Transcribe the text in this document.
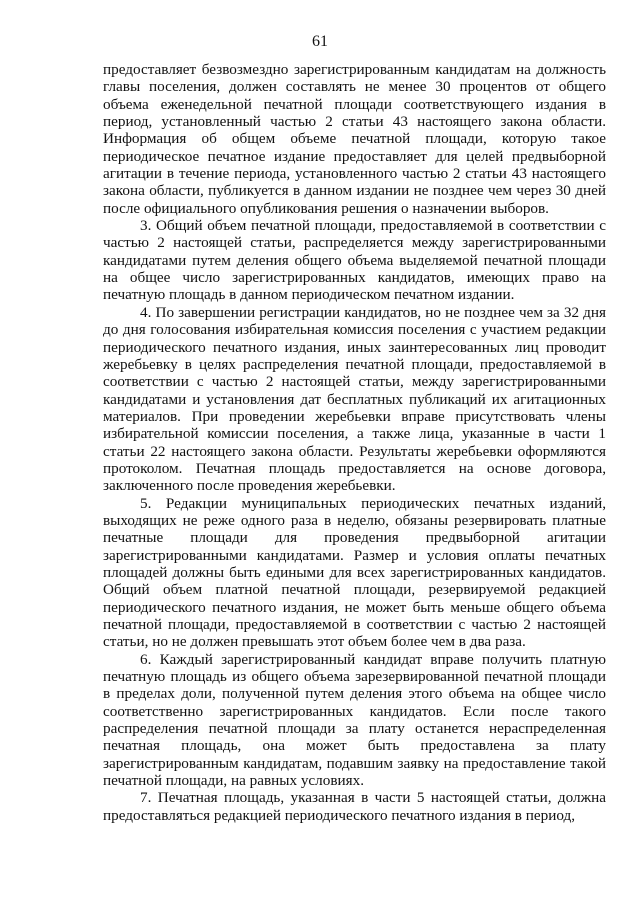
61

предоставляет безвозмездно зарегистрированным кандидатам на должность главы поселения, должен составлять не менее 30 процентов от общего объема еженедельной печатной площади соответствующего издания в период, установленный частью 2 статьи 43 настоящего закона области. Информация об общем объеме печатной площади, которую такое периодическое печатное издание предоставляет для целей предвыборной агитации в течение периода, установленного частью 2 статьи 43 настоящего закона области, публикуется в данном издании не позднее чем через 30 дней после официального опубликования решения о назначении выборов.

3. Общий объем печатной площади, предоставляемой в соответствии с частью 2 настоящей статьи, распределяется между зарегистрированными кандидатами путем деления общего объема выделяемой печатной площади на общее число зарегистрированных кандидатов, имеющих право на печатную площадь в данном периодическом печатном издании.

4. По завершении регистрации кандидатов, но не позднее чем за 32 дня до дня голосования избирательная комиссия поселения с участием редакции периодического печатного издания, иных заинтересованных лиц проводит жеребьевку в целях распределения печатной площади, предоставляемой в соответствии с частью 2 настоящей статьи, между зарегистрированными кандидатами и установления дат бесплатных публикаций их агитационных материалов. При проведении жеребьевки вправе присутствовать члены избирательной комиссии поселения, а также лица, указанные в части 1 статьи 22 настоящего закона области. Результаты жеребьевки оформляются протоколом. Печатная площадь предоставляется на основе договора, заключенного после проведения жеребьевки.

5. Редакции муниципальных периодических печатных изданий, выходящих не реже одного раза в неделю, обязаны резервировать платные печатные площади для проведения предвыборной агитации зарегистрированными кандидатами. Размер и условия оплаты печатных площадей должны быть едиными для всех зарегистрированных кандидатов. Общий объем платной печатной площади, резервируемой редакцией периодического печатного издания, не может быть меньше общего объема печатной площади, предоставляемой в соответствии с частью 2 настоящей статьи, но не должен превышать этот объем более чем в два раза.

6. Каждый зарегистрированный кандидат вправе получить платную печатную площадь из общего объема зарезервированной печатной площади в пределах доли, полученной путем деления этого объема на общее число соответственно зарегистрированных кандидатов. Если после такого распределения печатной площади за плату останется нераспределенная печатная площадь, она может быть предоставлена за плату зарегистрированным кандидатам, подавшим заявку на предоставление такой печатной площади, на равных условиях.

7. Печатная площадь, указанная в части 5 настоящей статьи, должна предоставляться редакцией периодического печатного издания в период,
